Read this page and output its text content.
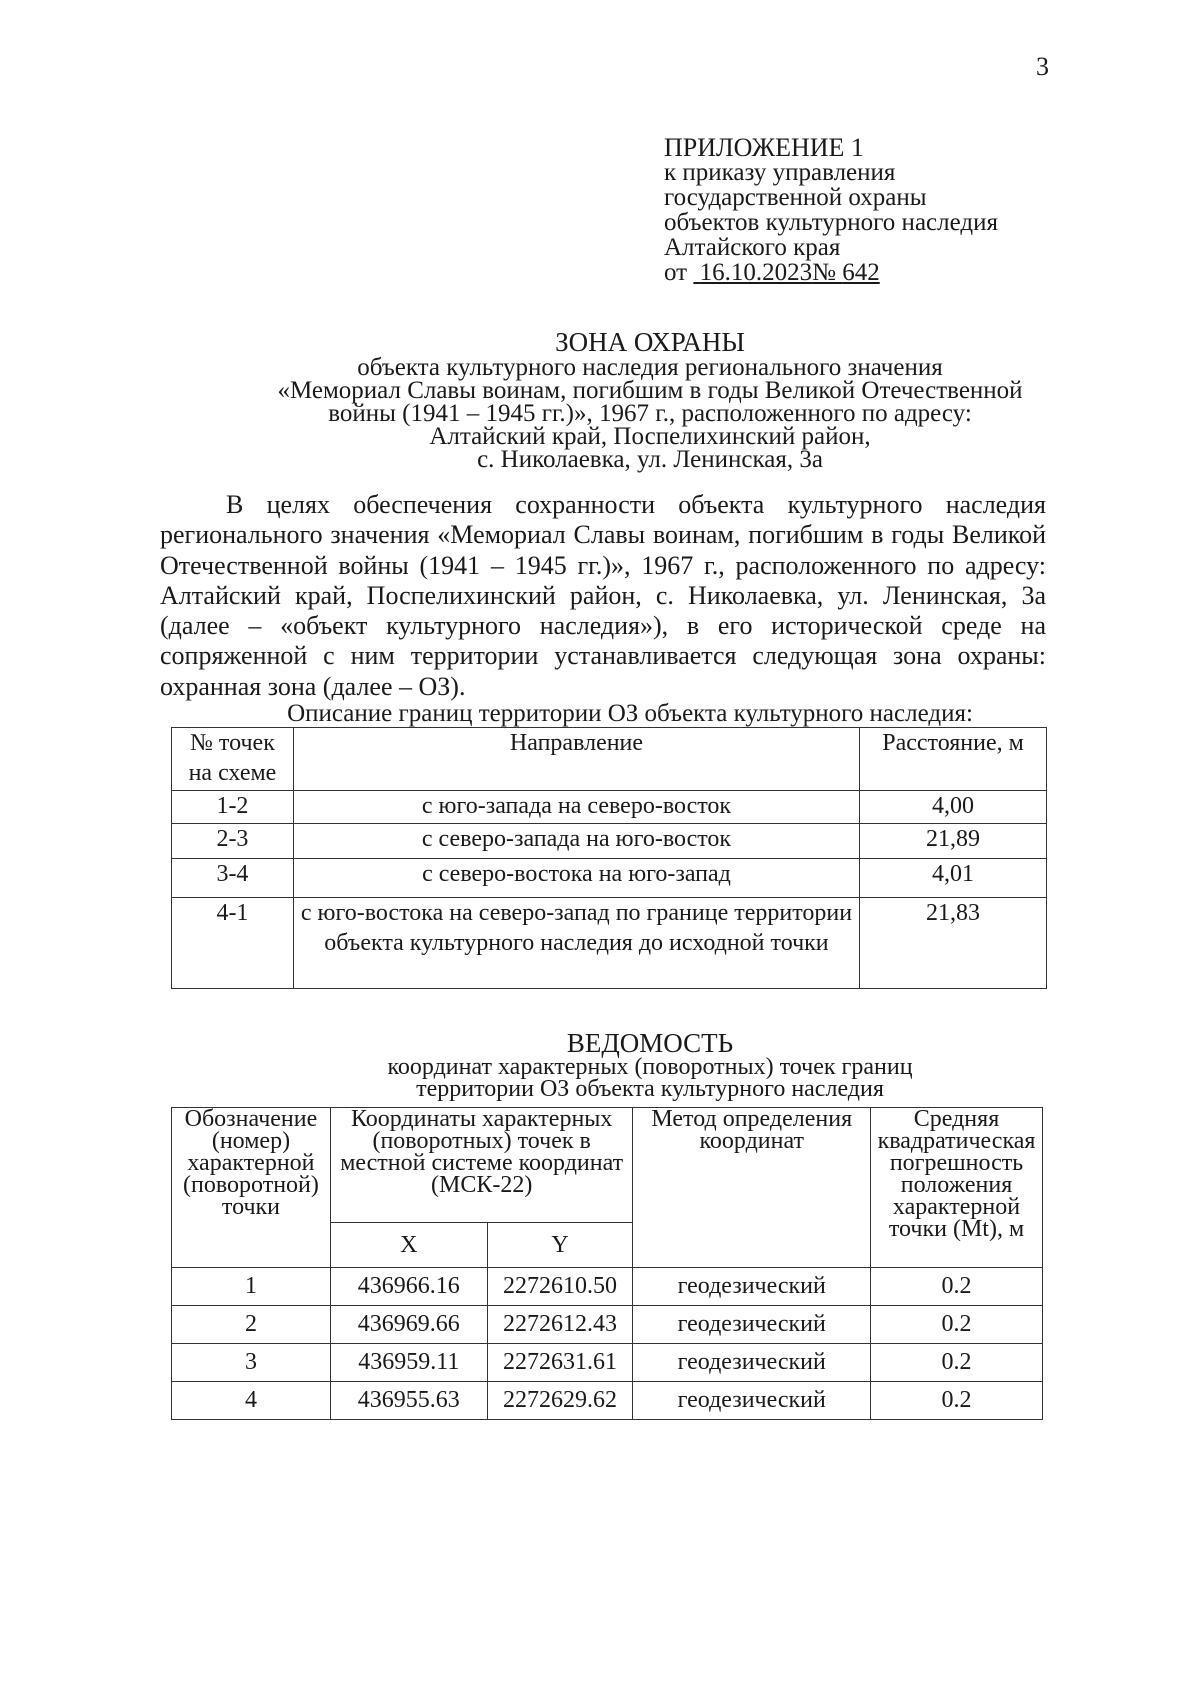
3
ПРИЛОЖЕНИЕ 1
к приказу управления
государственной охраны
объектов культурного наследия
Алтайского края
от 16.10.2023№ 642
ЗОНА ОХРАНЫ
объекта культурного наследия регионального значения
«Мемориал Славы воинам, погибшим в годы Великой Отечественной
войны (1941 – 1945 гг.)», 1967 г., расположенного по адресу:
Алтайский край, Поспелихинский район,
с. Николаевка, ул. Ленинская, 3а
В целях обеспечения сохранности объекта культурного наследия регионального значения «Мемориал Славы воинам, погибшим в годы Великой Отечественной войны (1941 – 1945 гг.)», 1967 г., расположенного по адресу: Алтайский край, Поспелихинский район, с. Николаевка, ул. Ленинская, 3а (далее – «объект культурного наследия»), в его исторической среде на сопряженной с ним территории устанавливается следующая зона охраны: охранная зона (далее – ОЗ).
Описание границ территории ОЗ объекта культурного наследия:
№ точек на схеме	Направление	Расстояние, м
1-2	с юго-запада на северо-восток	4,00
2-3	с северо-запада на юго-восток	21,89
3-4	с северо-востока на юго-запад	4,01
4-1	с юго-востока на северо-запад по границе территории объекта культурного наследия до исходной точки	21,83
ВЕДОМОСТЬ
координат характерных (поворотных) точек границ
территории ОЗ объекта культурного наследия
Обозначение (номер) характерной (поворотной) точки	Координаты характерных (поворотных) точек в местной системе координат (МСК-22)		Метод определения координат	Средняя квадратическая погрешность положения характерной точки (Mt), м
	X	Y		
1	436966.16	2272610.50	геодезический	0.2
2	436969.66	2272612.43	геодезический	0.2
3	436959.11	2272631.61	геодезический	0.2
4	436955.63	2272629.62	геодезический	0.2
